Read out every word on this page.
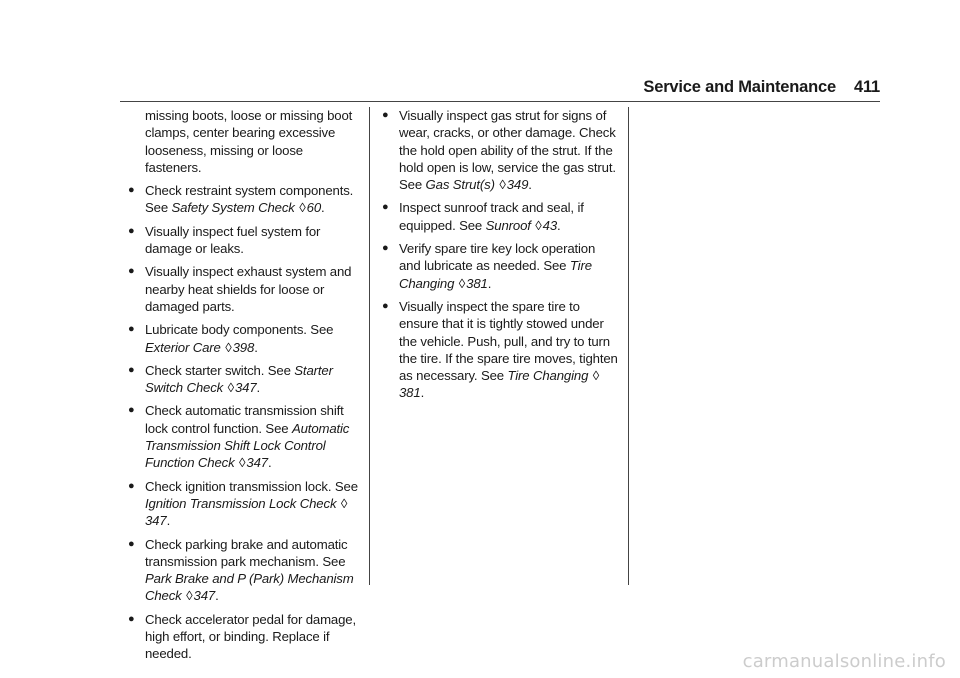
Service and Maintenance 411
missing boots, loose or missing boot clamps, center bearing excessive looseness, missing or loose fasteners.
● Check restraint system components. See Safety System Check ◊60.
● Visually inspect fuel system for damage or leaks.
● Visually inspect exhaust system and nearby heat shields for loose or damaged parts.
● Lubricate body components. See Exterior Care ◊398.
● Check starter switch. See Starter Switch Check ◊347.
● Check automatic transmission shift lock control function. See Automatic Transmission Shift Lock Control Function Check ◊347.
● Check ignition transmission lock. See Ignition Transmission Lock Check ◊347.
● Check parking brake and automatic transmission park mechanism. See Park Brake and P (Park) Mechanism Check ◊347.
● Check accelerator pedal for damage, high effort, or binding. Replace if needed.
● Visually inspect gas strut for signs of wear, cracks, or other damage. Check the hold open ability of the strut. If the hold open is low, service the gas strut. See Gas Strut(s) ◊349.
● Inspect sunroof track and seal, if equipped. See Sunroof ◊43.
● Verify spare tire key lock operation and lubricate as needed. See Tire Changing ◊381.
● Visually inspect the spare tire to ensure that it is tightly stowed under the vehicle. Push, pull, and try to turn the tire. If the spare tire moves, tighten as necessary. See Tire Changing ◊381.
carmanualsonline.info
